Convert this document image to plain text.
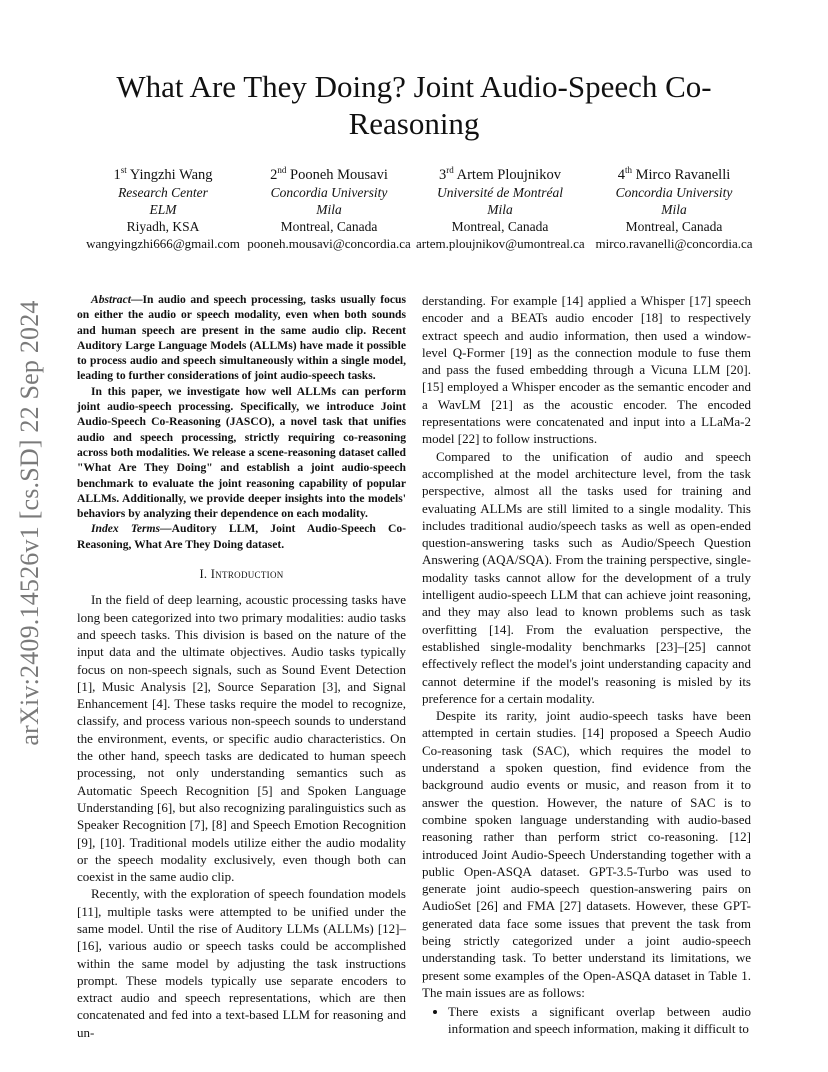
arXiv:2409.14526v1 [cs.SD] 22 Sep 2024
What Are They Doing? Joint Audio-Speech Co-Reasoning
1st Yingzhi Wang
Research Center
ELM
Riyadh, KSA
wangyingzhi666@gmail.com
2nd Pooneh Mousavi
Concordia University
Mila
Montreal, Canada
pooneh.mousavi@concordia.ca
3rd Artem Ploujnikov
Université de Montréal
Mila
Montreal, Canada
artem.ploujnikov@umontreal.ca
4th Mirco Ravanelli
Concordia University
Mila
Montreal, Canada
mirco.ravanelli@concordia.ca

Abstract—In audio and speech processing, tasks usually focus on either the audio or speech modality, even when both sounds and human speech are present in the same audio clip. Recent Auditory Large Language Models (ALLMs) have made it possible to process audio and speech simultaneously within a single model, leading to further considerations of joint audio-speech tasks.

In this paper, we investigate how well ALLMs can perform joint audio-speech processing. Specifically, we introduce Joint Audio-Speech Co-Reasoning (JASCO), a novel task that unifies audio and speech processing, strictly requiring co-reasoning across both modalities. We release a scene-reasoning dataset called "What Are They Doing" and establish a joint audio-speech benchmark to evaluate the joint reasoning capability of popular ALLMs. Additionally, we provide deeper insights into the models' behaviors by analyzing their dependence on each modality.

Index Terms—Auditory LLM, Joint Audio-Speech Co-Reasoning, What Are They Doing dataset.

I. Introduction

In the field of deep learning, acoustic processing tasks have long been categorized into two primary modalities: audio tasks and speech tasks. This division is based on the nature of the input data and the ultimate objectives. Audio tasks typically focus on non-speech signals, such as Sound Event Detection [1], Music Analysis [2], Source Separation [3], and Signal Enhancement [4]. These tasks require the model to recognize, classify, and process various non-speech sounds to understand the environment, events, or specific audio characteristics. On the other hand, speech tasks are dedicated to human speech processing, not only understanding semantics such as Automatic Speech Recognition [5] and Spoken Language Understanding [6], but also recognizing paralinguistics such as Speaker Recognition [7], [8] and Speech Emotion Recognition [9], [10]. Traditional models utilize either the audio modality or the speech modality exclusively, even though both can coexist in the same audio clip.

Recently, with the exploration of speech foundation models [11], multiple tasks were attempted to be unified under the same model. Until the rise of Auditory LLMs (ALLMs) [12]–[16], various audio or speech tasks could be accomplished within the same model by adjusting the task instructions prompt. These models typically use separate encoders to extract audio and speech representations, which are then concatenated and fed into a text-based LLM for reasoning and un-

derstanding. For example [14] applied a Whisper [17] speech encoder and a BEATs audio encoder [18] to respectively extract speech and audio information, then used a window-level Q-Former [19] as the connection module to fuse them and pass the fused embedding through a Vicuna LLM [20]. [15] employed a Whisper encoder as the semantic encoder and a WavLM [21] as the acoustic encoder. The encoded representations were concatenated and input into a LLaMa-2 model [22] to follow instructions.

Compared to the unification of audio and speech accomplished at the model architecture level, from the task perspective, almost all the tasks used for training and evaluating ALLMs are still limited to a single modality. This includes traditional audio/speech tasks as well as open-ended question-answering tasks such as Audio/Speech Question Answering (AQA/SQA). From the training perspective, single-modality tasks cannot allow for the development of a truly intelligent audio-speech LLM that can achieve joint reasoning, and they may also lead to known problems such as task overfitting [14]. From the evaluation perspective, the established single-modality benchmarks [23]–[25] cannot effectively reflect the model's joint understanding capacity and cannot determine if the model's reasoning is misled by its preference for a certain modality.

Despite its rarity, joint audio-speech tasks have been attempted in certain studies. [14] proposed a Speech Audio Co-reasoning task (SAC), which requires the model to understand a spoken question, find evidence from the background audio events or music, and reason from it to answer the question. However, the nature of SAC is to combine spoken language understanding with audio-based reasoning rather than perform strict co-reasoning. [12] introduced Joint Audio-Speech Understanding together with a public Open-ASQA dataset. GPT-3.5-Turbo was used to generate joint audio-speech question-answering pairs on AudioSet [26] and FMA [27] datasets. However, these GPT-generated data face some issues that prevent the task from being strictly categorized under a joint audio-speech understanding task. To better understand its limitations, we present some examples of the Open-ASQA dataset in Table 1. The main issues are as follows:

• There exists a significant overlap between audio information and speech information, making it difficult to
